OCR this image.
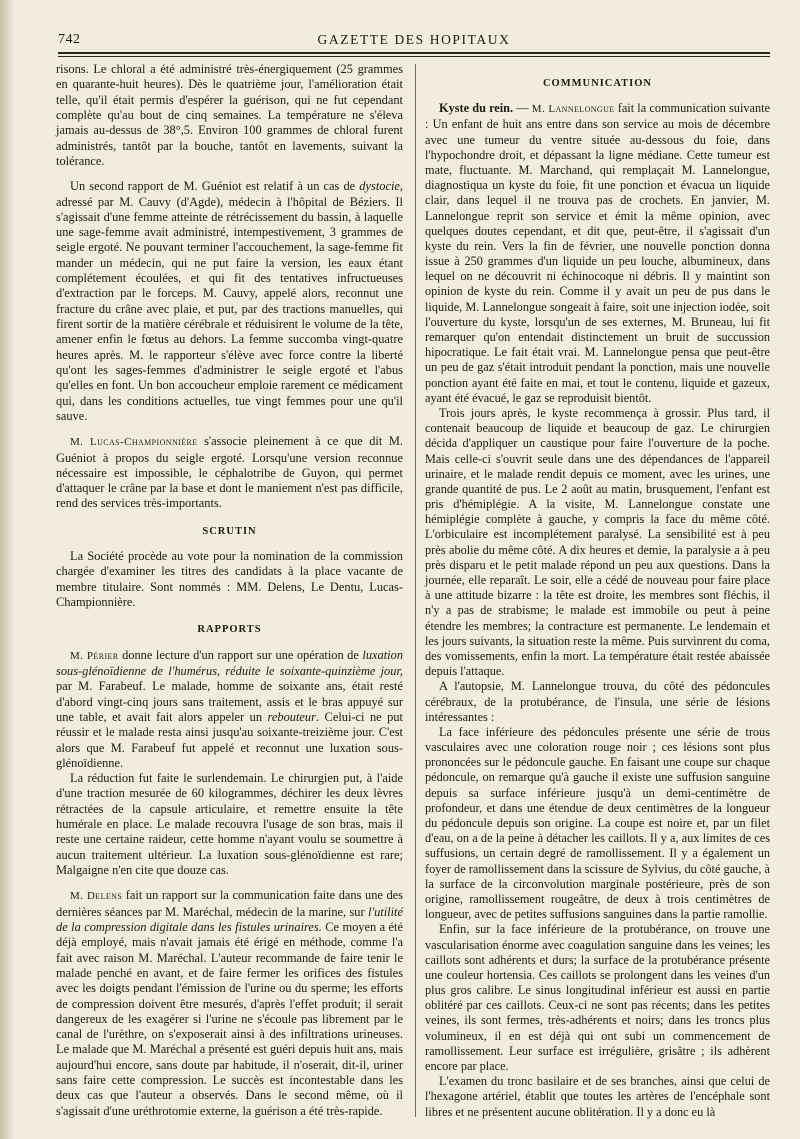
742	GAZETTE DES HOPITAUX

risons. Le chloral a été administré très-énergiquement (25 grammes en quarante-huit heures). Dès le quatrième jour, l'amélioration était telle, qu'il était permis d'espérer la guérison, qui ne fut cependant complète qu'au bout de cinq semaines. La température ne s'éleva jamais au-dessus de 38°,5. Environ 100 grammes de chloral furent administrés, tantôt par la bouche, tantôt en lavements, suivant la tolérance.

Un second rapport de M. Guéniot est relatif à un cas de dystocie, adressé par M. Cauvy (d'Agde), médecin à l'hôpital de Béziers. Il s'agissait d'une femme atteinte de rétrécissement du bassin, à laquelle une sage-femme avait administré, intempestivement, 3 grammes de seigle ergoté. Ne pouvant terminer l'accouchement, la sage-femme fit mander un médecin, qui ne put faire la version, les eaux étant complétement écoulées, et qui fit des tentatives infructueuses d'extraction par le forceps. M. Cauvy, appelé alors, reconnut une fracture du crâne avec plaie, et put, par des tractions manuelles, qui firent sortir de la matière cérébrale et réduisirent le volume de la tête, amener enfin le fœtus au dehors. La femme succomba vingt-quatre heures après. M. le rapporteur s'élève avec force contre la liberté qu'ont les sages-femmes d'administrer le seigle ergoté et l'abus qu'elles en font. Un bon accoucheur emploie rarement ce médicament qui, dans les conditions actuelles, tue vingt femmes pour une qu'il sauve.

M. Lucas-Championnière s'associe pleinement à ce que dit M. Guéniot à propos du seigle ergoté. Lorsqu'une version reconnue nécessaire est impossible, le céphalotribe de Guyon, qui permet d'attaquer le crâne par la base et dont le maniement n'est pas difficile, rend des services très-importants.

SCRUTIN

La Société procède au vote pour la nomination de la commission chargée d'examiner les titres des candidats à la place vacante de membre titulaire. Sont nommés : MM. Delens, Le Dentu, Lucas-Championnière.

RAPPORTS

M. Périer donne lecture d'un rapport sur une opération de luxation sous-glénoïdienne de l'humérus, réduite le soixante-quinzième jour, par M. Farabeuf. Le malade, homme de soixante ans, était resté d'abord vingt-cinq jours sans traitement, assis et le bras appuyé sur une table, et avait fait alors appeler un rebouteur. Celui-ci ne put réussir et le malade resta ainsi jusqu'au soixante-treizième jour. C'est alors que M. Farabeuf fut appelé et reconnut une luxation sous-glénoïdienne.

La réduction fut faite le surlendemain. Le chirurgien put, à l'aide d'une traction mesurée de 60 kilogrammes, déchirer les deux lèvres rétractées de la capsule articulaire, et remettre ensuite la tête humérale en place. Le malade recouvra l'usage de son bras, mais il reste une certaine raideur, cette homme n'ayant voulu se soumettre à aucun traitement ultérieur. La luxation sous-glénoïdienne est rare; Malgaigne n'en cite que douze cas.

M. Delens fait un rapport sur la communication faite dans une des dernières séances par M. Maréchal, médecin de la marine, sur l'utilité de la compression digitale dans les fistules urinaires. Ce moyen a été déjà employé, mais n'avait jamais été érigé en méthode, comme l'a fait avec raison M. Maréchal. L'auteur recommande de faire tenir le malade penché en avant, et de faire fermer les orifices des fistules avec les doigts pendant l'émission de l'urine ou du sperme; les efforts de compression doivent être mesurés, d'après l'effet produit; il serait dangereux de les exagérer si l'urine ne s'écoule pas librement par le canal de l'urèthre, on s'exposerait ainsi à des infiltrations urineuses. Le malade que M. Maréchal a présenté est guéri depuis huit ans, mais aujourd'hui encore, sans doute par habitude, il n'oserait, dit-il, uriner sans faire cette compression. Le succès est incontestable dans les deux cas que l'auteur a observés. Dans le second même, où il s'agissait d'une uréthrotomie externe, la guérison a été très-rapide.

COMMUNICATION

Kyste du rein. — M. Lannelongue fait la communication suivante : Un enfant de huit ans entre dans son service au mois de décembre avec une tumeur du ventre située au-dessous du foie, dans l'hypochondre droit, et dépassant la ligne médiane. Cette tumeur est mate, fluctuante. M. Marchand, qui remplaçait M. Lannelongue, diagnostiqua un kyste du foie, fit une ponction et évacua un liquide clair, dans lequel il ne trouva pas de crochets. En janvier, M. Lannelongue reprit son service et émit la même opinion, avec quelques doutes cependant, et dit que, peut-être, il s'agissait d'un kyste du rein. Vers la fin de février, une nouvelle ponction donna issue à 250 grammes d'un liquide un peu louche, albumineux, dans lequel on ne découvrit ni échinocoque ni débris. Il y maintint son opinion de kyste du rein. Comme il y avait un peu de pus dans le liquide, M. Lannelongue songeait à faire, soit une injection iodée, soit l'ouverture du kyste, lorsqu'un de ses externes, M. Bruneau, lui fit remarquer qu'on entendait distinctement un bruit de succussion hipocratique. Le fait était vrai. M. Lannelongue pensa que peut-être un peu de gaz s'était introduit pendant la ponction, mais une nouvelle ponction ayant été faite en mai, et tout le contenu, liquide et gazeux, ayant été évacué, le gaz se reproduisit bientôt.

Trois jours après, le kyste recommença à grossir. Plus tard, il contenait beaucoup de liquide et beaucoup de gaz. Le chirurgien décida d'appliquer un caustique pour faire l'ouverture de la poche. Mais celle-ci s'ouvrit seule dans une des dépendances de l'appareil urinaire, et le malade rendit depuis ce moment, avec les urines, une grande quantité de pus. Le 2 août au matin, brusquement, l'enfant est pris d'hémiplégie. A la visite, M. Lannelongue constate une hémiplégie complète à gauche, y compris la face du même côté. L'orbiculaire est incomplétement paralysé. La sensibilité est à peu près abolie du même côté. A dix heures et demie, la paralysie a à peu près disparu et le petit malade répond un peu aux questions. Dans la journée, elle reparaît. Le soir, elle a cédé de nouveau pour faire place à une attitude bizarre : la tête est droite, les membres sont fléchis, il n'y a pas de strabisme; le malade est immobile ou peut à peine étendre les membres; la contracture est permanente. Le lendemain et les jours suivants, la situation reste la même. Puis survinrent du coma, des vomissements, enfin la mort. La température était restée abaissée depuis l'attaque.

A l'autopsie, M. Lannelongue trouva, du côté des pédoncules cérébraux, de la protubérance, de l'insula, une série de lésions intéressantes :

La face inférieure des pédoncules présente une série de trous vasculaires avec une coloration rouge noir ; ces lésions sont plus prononcées sur le pédoncule gauche. En faisant une coupe sur chaque pédoncule, on remarque qu'à gauche il existe une suffusion sanguine depuis sa surface inférieure jusqu'à un demi-centimètre de profondeur, et dans une étendue de deux centimètres de la longueur du pédoncule depuis son origine. La coupe est noire et, par un filet d'eau, on a de la peine à détacher les caillots. Il y a, aux limites de ces suffusions, un certain degré de ramollissement. Il y a également un foyer de ramollissement dans la scissure de Sylvius, du côté gauche, à la surface de la circonvolution marginale postérieure, près de son origine, ramollissement rougeâtre, de deux à trois centimètres de longueur, avec de petites suffusions sanguines dans la partie ramollie.

Enfin, sur la face inférieure de la protubérance, on trouve une vascularisation énorme avec coagulation sanguine dans les veines; les caillots sont adhérents et durs; la surface de la protubérance présente une couleur hortensia. Ces caillots se prolongent dans les veines d'un plus gros calibre. Le sinus longitudinal inférieur est aussi en partie oblitéré par ces caillots. Ceux-ci ne sont pas récents; dans les petites veines, ils sont fermes, très-adhérents et noirs; dans les troncs plus volumineux, il en est déjà qui ont subi un commencement de ramollissement. Leur surface est irrégulière, grisâtre ; ils adhèrent encore par place.

L'examen du tronc basilaire et de ses branches, ainsi que celui de l'hexagone artériel, établit que toutes les artères de l'encéphale sont libres et ne présentent aucune oblitération. Il y a donc eu là
